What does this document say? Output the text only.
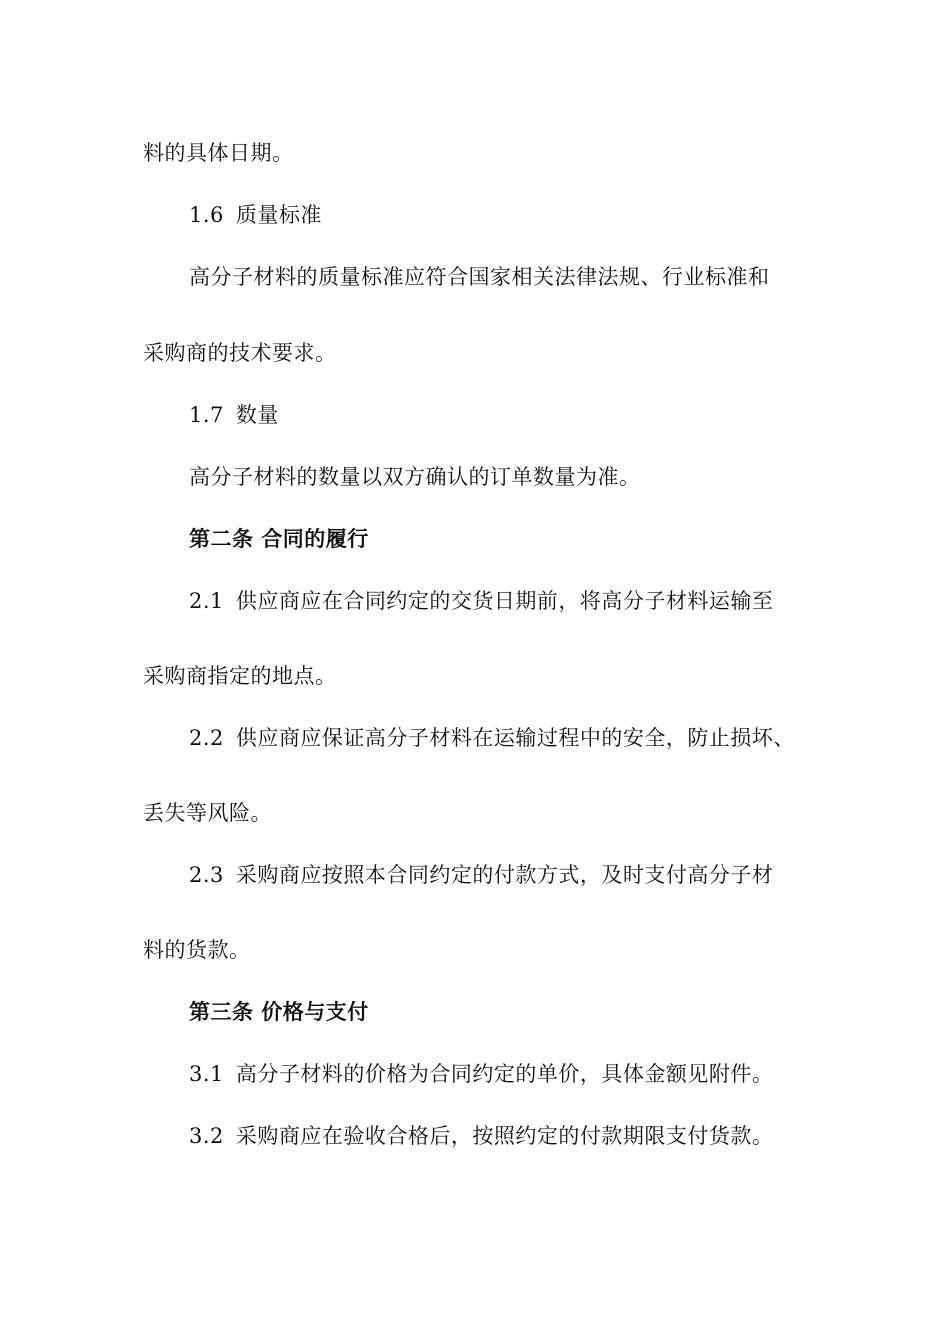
料的具体日期。
1.6 质量标准
高分子材料的质量标准应符合国家相关法律法规、行业标准和
采购商的技术要求。
1.7 数量
高分子材料的数量以双方确认的订单数量为准。
第二条 合同的履行
2.1 供应商应在合同约定的交货日期前，将高分子材料运输至
采购商指定的地点。
2.2 供应商应保证高分子材料在运输过程中的安全，防止损坏、
丢失等风险。
2.3 采购商应按照本合同约定的付款方式，及时支付高分子材
料的货款。
第三条 价格与支付
3.1 高分子材料的价格为合同约定的单价，具体金额见附件。
3.2 采购商应在验收合格后，按照约定的付款期限支付货款。
